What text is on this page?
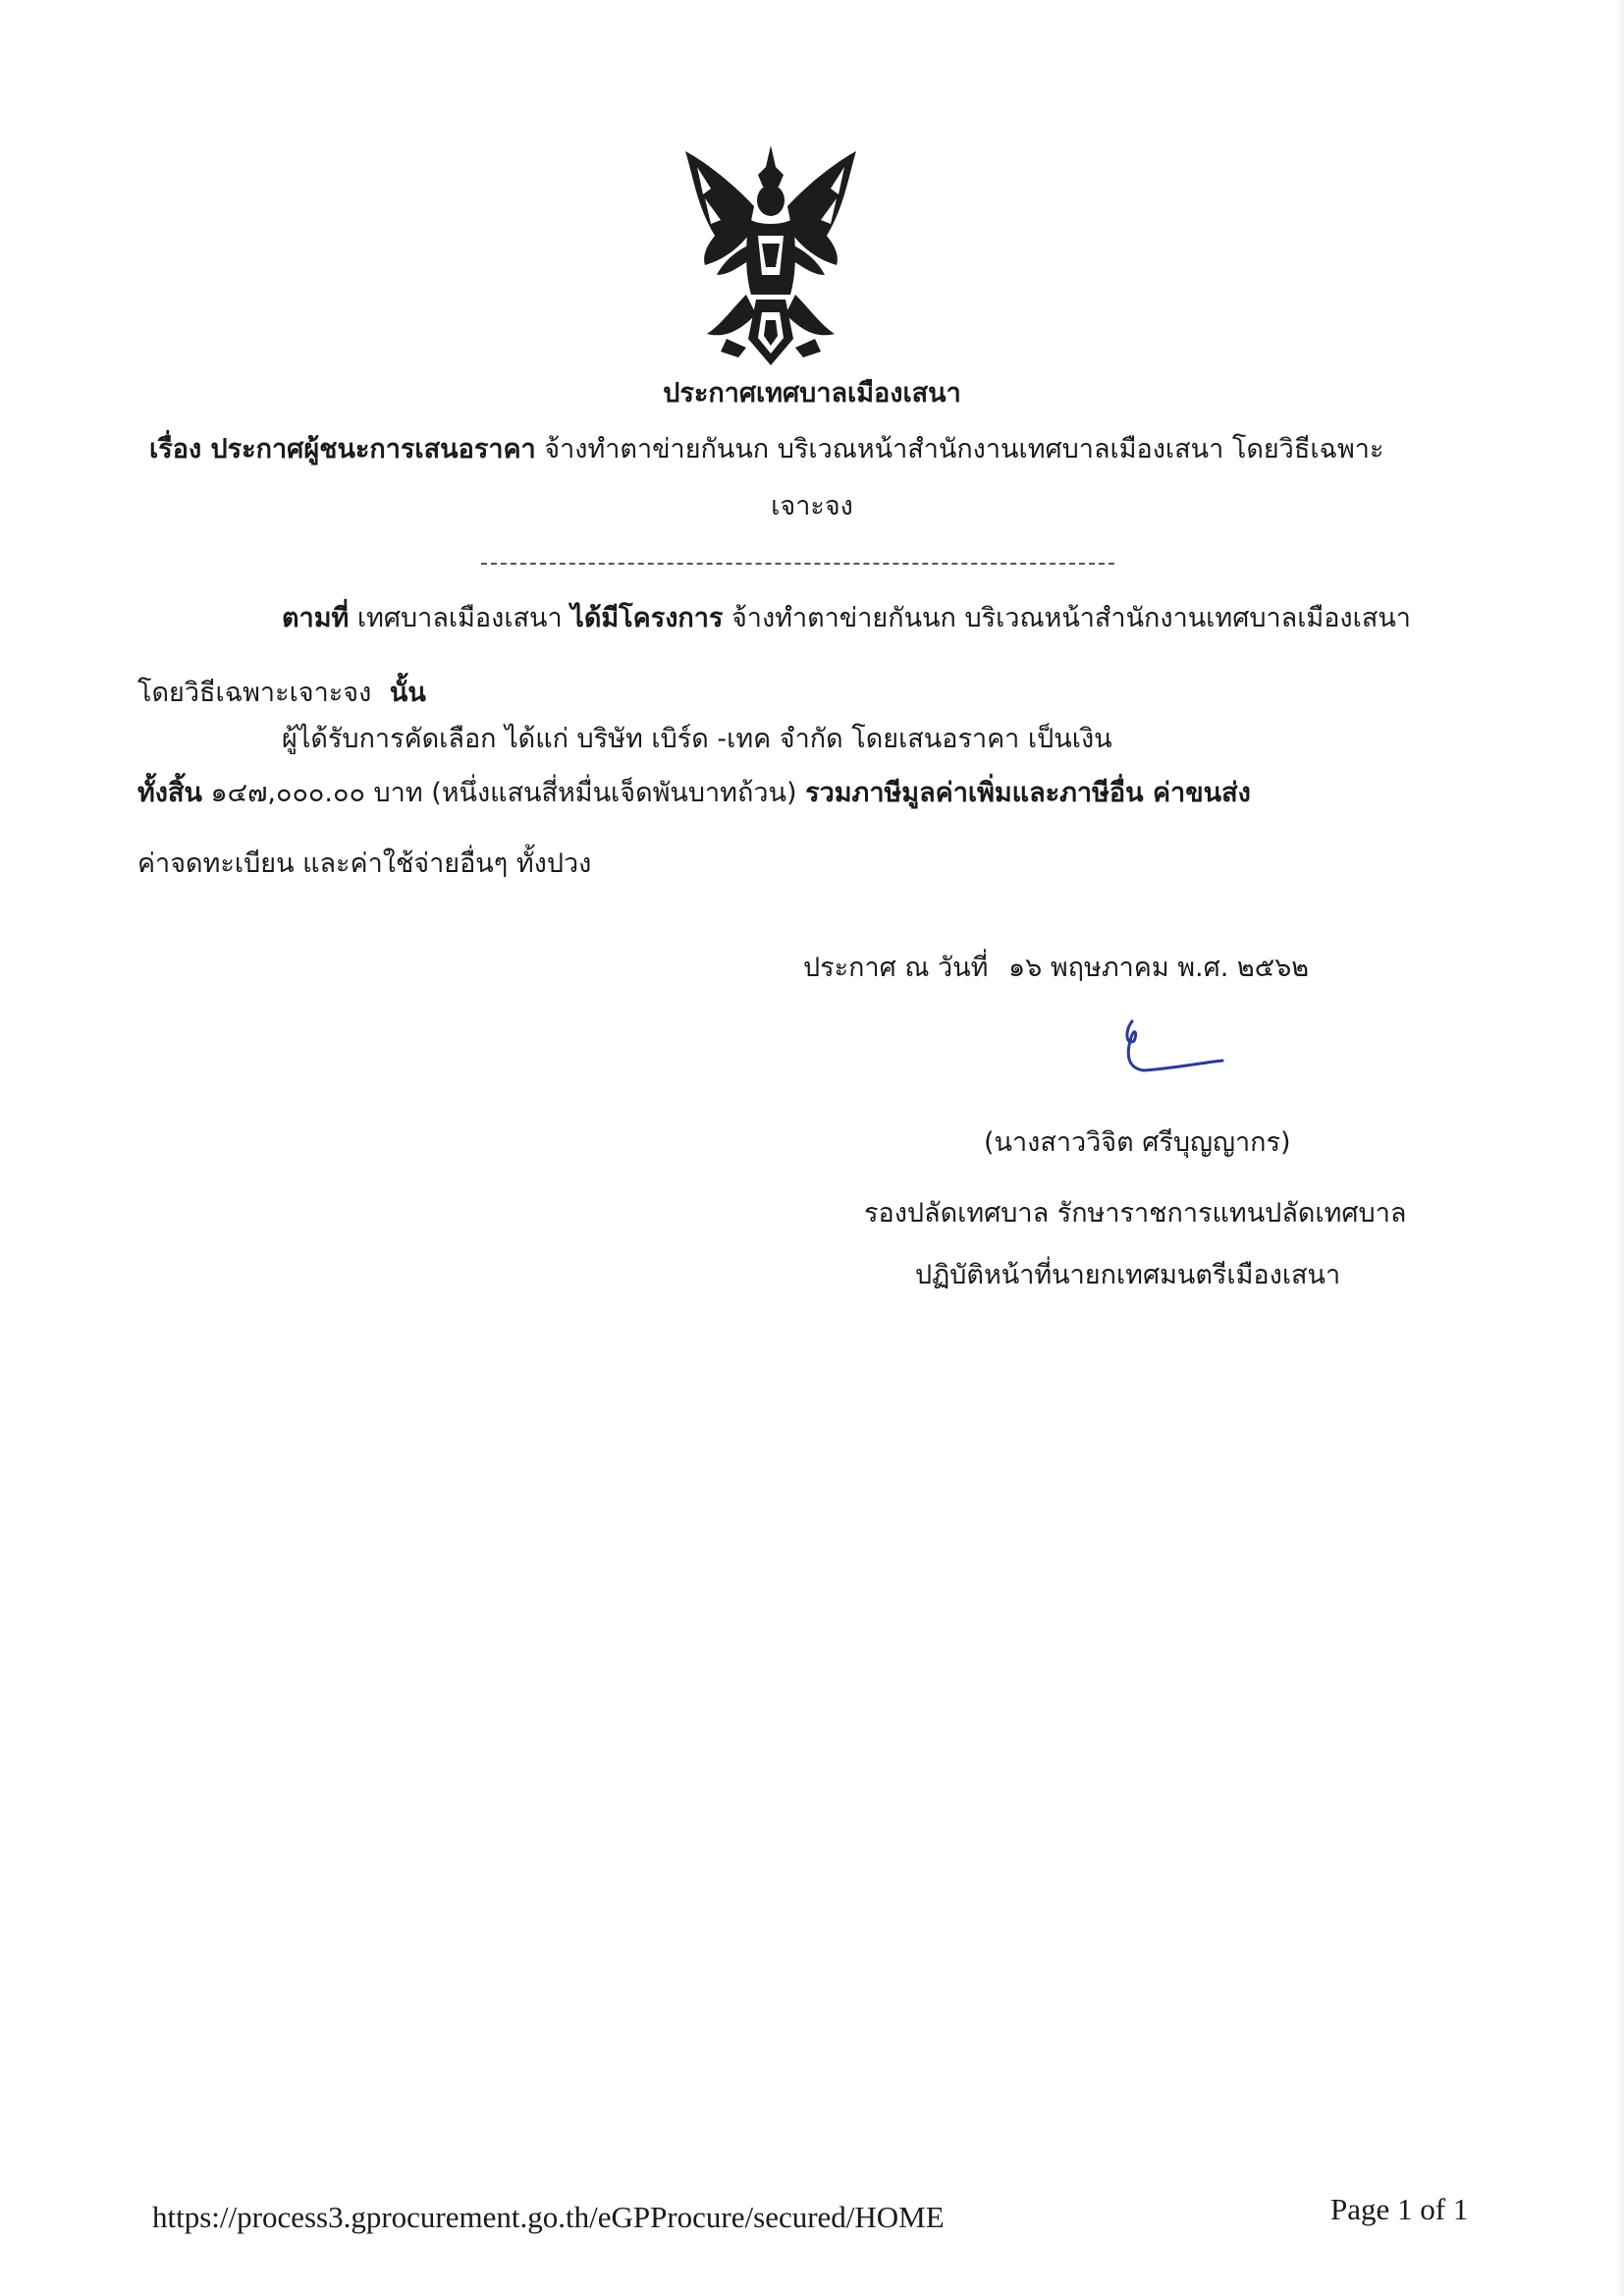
ประกาศเทศบาลเมืองเสนา
เรื่อง ประกาศผู้ชนะการเสนอราคา จ้างทำตาข่ายกันนก บริเวณหน้าสำนักงานเทศบาลเมืองเสนา โดยวิธีเฉพาะ
เจาะจง
ตามที่ เทศบาลเมืองเสนา ได้มีโครงการ จ้างทำตาข่ายกันนก บริเวณหน้าสำนักงานเทศบาลเมืองเสนา
โดยวิธีเฉพาะเจาะจง นั้น
ผู้ได้รับการคัดเลือก ได้แก่ บริษัท เบิร์ด -เทค จำกัด โดยเสนอราคา เป็นเงิน
ทั้งสิ้น ๑๔๗,๐๐๐.๐๐ บาท (หนึ่งแสนสี่หมื่นเจ็ดพันบาทถ้วน) รวมภาษีมูลค่าเพิ่มและภาษีอื่น ค่าขนส่ง
ค่าจดทะเบียน และค่าใช้จ่ายอื่นๆ ทั้งปวง
ประกาศ ณ วันที่ ๑๖ พฤษภาคม พ.ศ. ๒๕๖๒
(นางสาววิจิต ศรีบุญญากร)
รองปลัดเทศบาล รักษาราชการแทนปลัดเทศบาล
ปฏิบัติหน้าที่นายกเทศมนตรีเมืองเสนา
https://process3.gprocurement.go.th/eGPProcure/secured/HOME	Page 1 of 1
